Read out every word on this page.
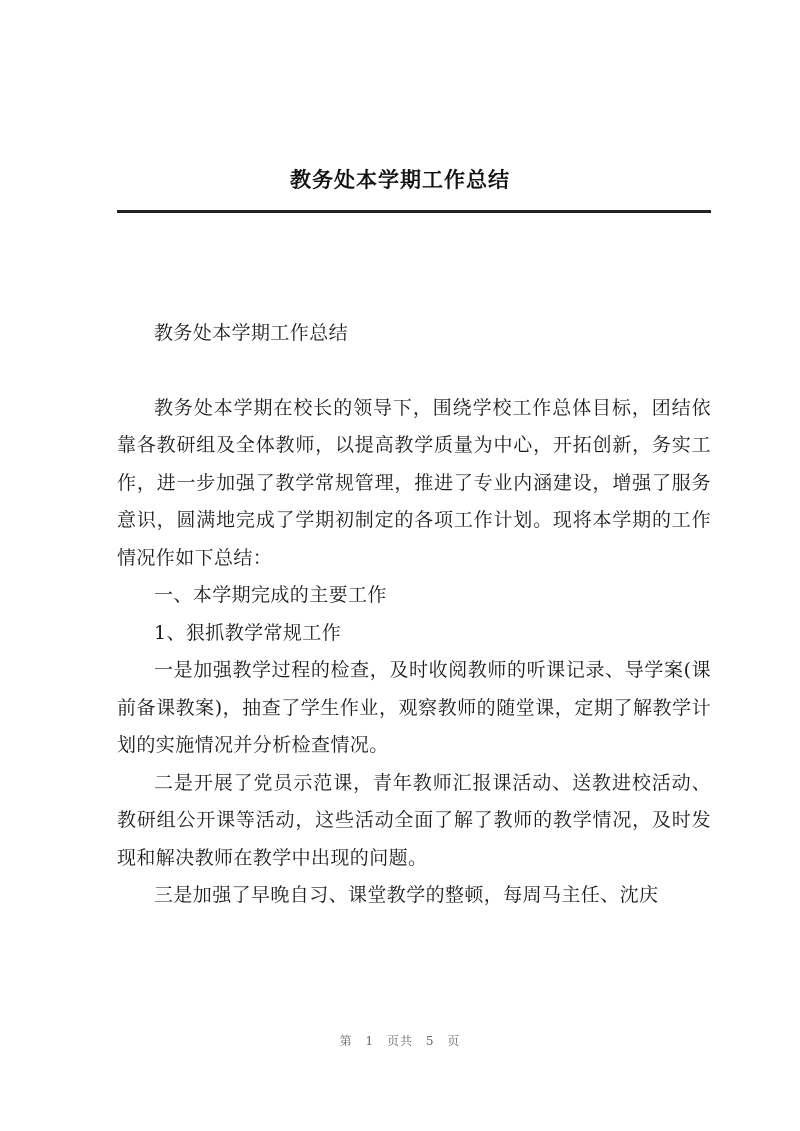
教务处本学期工作总结

教务处本学期工作总结

教务处本学期在校长的领导下，围绕学校工作总体目标，团结依靠各教研组及全体教师，以提高教学质量为中心，开拓创新，务实工作，进一步加强了教学常规管理，推进了专业内涵建设，增强了服务意识，圆满地完成了学期初制定的各项工作计划。现将本学期的工作情况作如下总结：

一、本学期完成的主要工作

1、狠抓教学常规工作

一是加强教学过程的检查，及时收阅教师的听课记录、导学案(课前备课教案)，抽查了学生作业，观察教师的随堂课，定期了解教学计划的实施情况并分析检查情况。

二是开展了党员示范课，青年教师汇报课活动、送教进校活动、教研组公开课等活动，这些活动全面了解了教师的教学情况，及时发现和解决教师在教学中出现的问题。

三是加强了早晚自习、课堂教学的整顿，每周马主任、沈庆

第 1 页共 5 页
